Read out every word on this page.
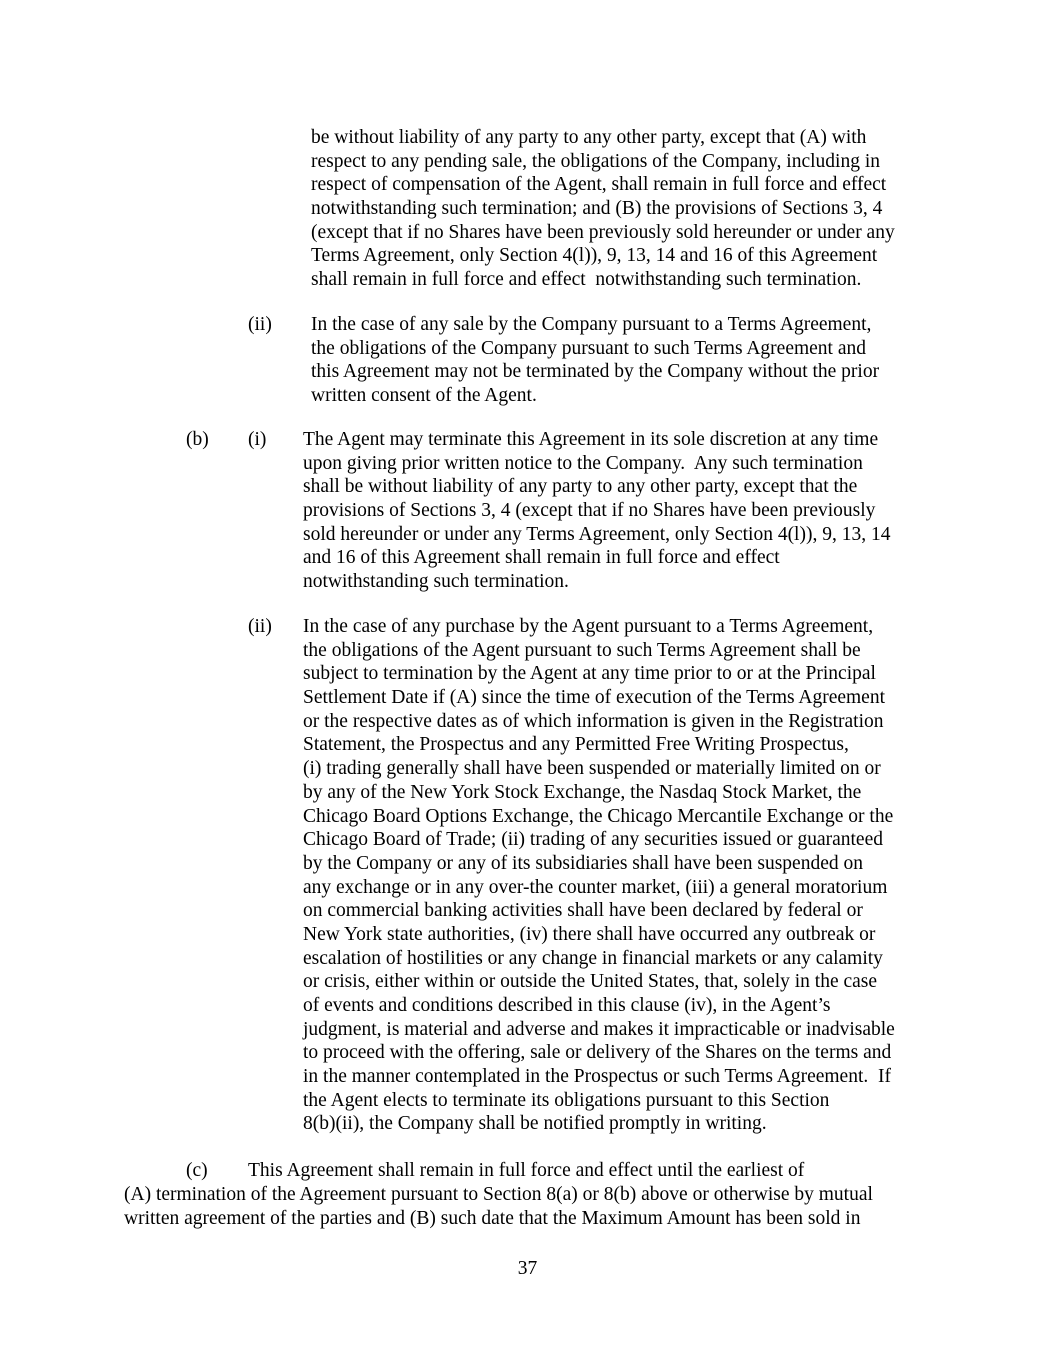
be without liability of any party to any other party, except that (A) with
respect to any pending sale, the obligations of the Company, including in
respect of compensation of the Agent, shall remain in full force and effect
notwithstanding such termination; and (B) the provisions of Sections 3, 4
(except that if no Shares have been previously sold hereunder or under any
Terms Agreement, only Section 4(l)), 9, 13, 14 and 16 of this Agreement
shall remain in full force and effect  notwithstanding such termination.
(ii) In the case of any sale by the Company pursuant to a Terms Agreement,
the obligations of the Company pursuant to such Terms Agreement and
this Agreement may not be terminated by the Company without the prior
written consent of the Agent.
(b) (i) The Agent may terminate this Agreement in its sole discretion at any time
upon giving prior written notice to the Company.  Any such termination
shall be without liability of any party to any other party, except that the
provisions of Sections 3, 4 (except that if no Shares have been previously
sold hereunder or under any Terms Agreement, only Section 4(l)), 9, 13, 14
and 16 of this Agreement shall remain in full force and effect
notwithstanding such termination.
(ii) In the case of any purchase by the Agent pursuant to a Terms Agreement,
the obligations of the Agent pursuant to such Terms Agreement shall be
subject to termination by the Agent at any time prior to or at the Principal
Settlement Date if (A) since the time of execution of the Terms Agreement
or the respective dates as of which information is given in the Registration
Statement, the Prospectus and any Permitted Free Writing Prospectus,
(i) trading generally shall have been suspended or materially limited on or
by any of the New York Stock Exchange, the Nasdaq Stock Market, the
Chicago Board Options Exchange, the Chicago Mercantile Exchange or the
Chicago Board of Trade; (ii) trading of any securities issued or guaranteed
by the Company or any of its subsidiaries shall have been suspended on
any exchange or in any over-the counter market, (iii) a general moratorium
on commercial banking activities shall have been declared by federal or
New York state authorities, (iv) there shall have occurred any outbreak or
escalation of hostilities or any change in financial markets or any calamity
or crisis, either within or outside the United States, that, solely in the case
of events and conditions described in this clause (iv), in the Agent’s
judgment, is material and adverse and makes it impracticable or inadvisable
to proceed with the offering, sale or delivery of the Shares on the terms and
in the manner contemplated in the Prospectus or such Terms Agreement.  If
the Agent elects to terminate its obligations pursuant to this Section
8(b)(ii), the Company shall be notified promptly in writing.
(c) This Agreement shall remain in full force and effect until the earliest of
(A) termination of the Agreement pursuant to Section 8(a) or 8(b) above or otherwise by mutual
written agreement of the parties and (B) such date that the Maximum Amount has been sold in
37
